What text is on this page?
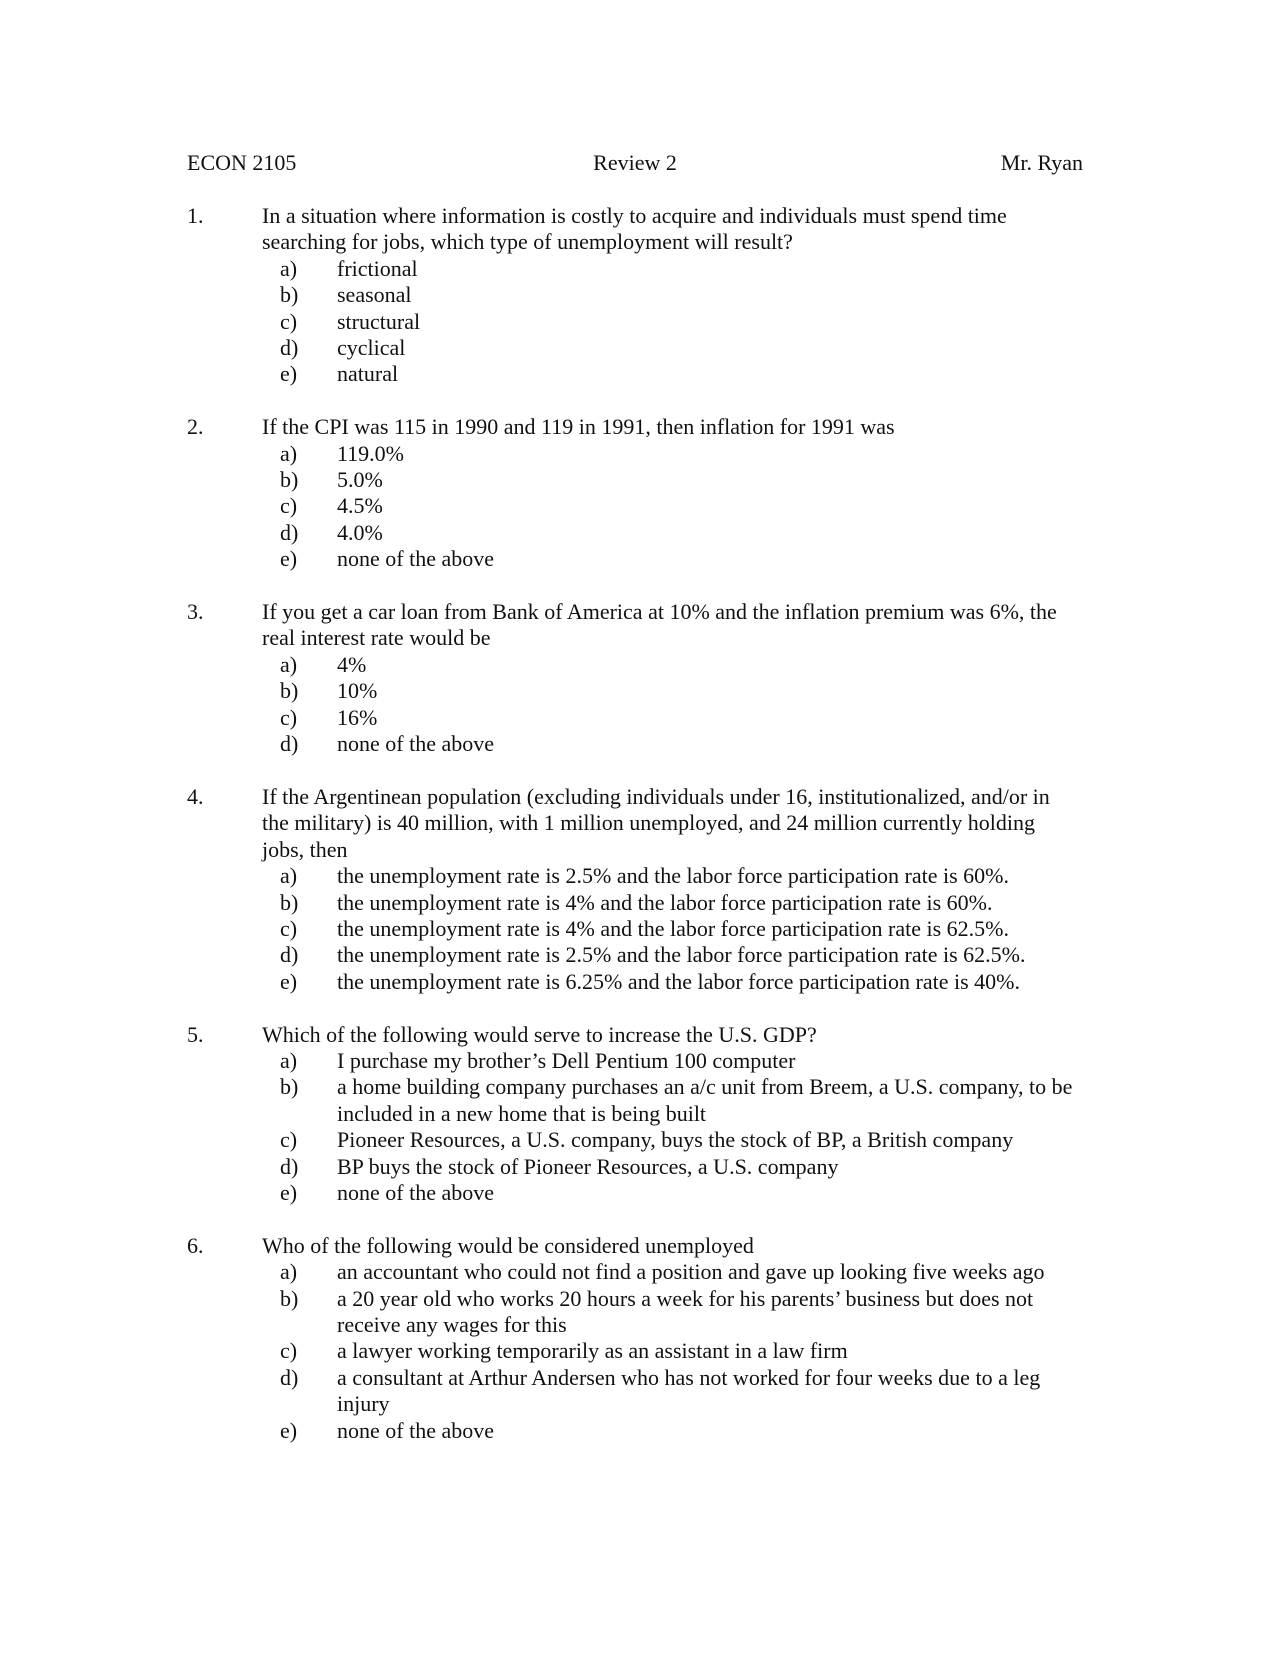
ECON 2105	Review 2	Mr. Ryan
1.	In a situation where information is costly to acquire and individuals must spend time searching for jobs, which type of unemployment will result?
a) frictional
b) seasonal
c) structural
d) cyclical
e) natural
2.	If the CPI was 115 in 1990 and 119 in 1991, then inflation for 1991 was
a) 119.0%
b) 5.0%
c) 4.5%
d) 4.0%
e) none of the above
3.	If you get a car loan from Bank of America at 10% and the inflation premium was 6%, the real interest rate would be
a) 4%
b) 10%
c) 16%
d) none of the above
4.	If the Argentinean population (excluding individuals under 16, institutionalized, and/or in the military) is 40 million, with 1 million unemployed, and 24 million currently holding jobs, then
a) the unemployment rate is 2.5% and the labor force participation rate is 60%.
b) the unemployment rate is 4% and the labor force participation rate is 60%.
c) the unemployment rate is 4% and the labor force participation rate is 62.5%.
d) the unemployment rate is 2.5% and the labor force participation rate is 62.5%.
e) the unemployment rate is 6.25% and the labor force participation rate is 40%.
5.	Which of the following would serve to increase the U.S. GDP?
a) I purchase my brother’s Dell Pentium 100 computer
b) a home building company purchases an a/c unit from Breem, a U.S. company, to be included in a new home that is being built
c) Pioneer Resources, a U.S. company, buys the stock of BP, a British company
d) BP buys the stock of Pioneer Resources, a U.S. company
e) none of the above
6.	Who of the following would be considered unemployed
a) an accountant who could not find a position and gave up looking five weeks ago
b) a 20 year old who works 20 hours a week for his parents’ business but does not receive any wages for this
c) a lawyer working temporarily as an assistant in a law firm
d) a consultant at Arthur Andersen who has not worked for four weeks due to a leg injury
e) none of the above
